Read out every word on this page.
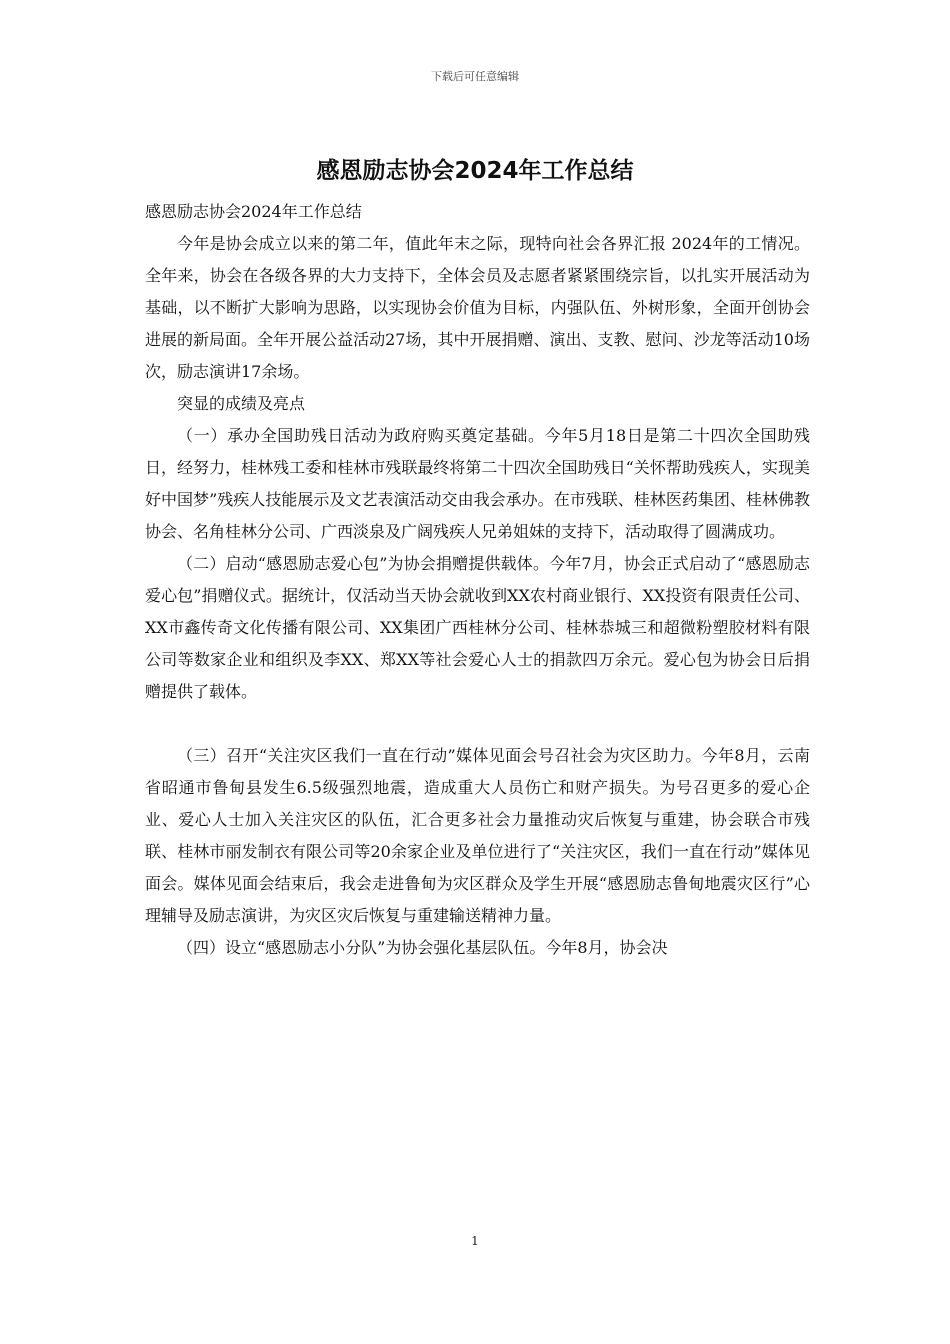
下载后可任意编辑
感恩励志协会2024年工作总结

感恩励志协会2024年工作总结

今年是协会成立以来的第二年，值此年末之际，现特向社会各界汇报 2024年的工情况。全年来，协会在各级各界的大力支持下，全体会员及志愿者紧紧围绕宗旨，以扎实开展活动为基础，以不断扩大影响为思路，以实现协会价值为目标，内强队伍、外树形象，全面开创协会进展的新局面。全年开展公益活动27场，其中开展捐赠、演出、支教、慰问、沙龙等活动10场次，励志演讲17余场。

突显的成绩及亮点

（一）承办全国助残日活动为政府购买奠定基础。今年5月18日是第二十四次全国助残日，经努力，桂林残工委和桂林市残联最终将第二十四次全国助残日“关怀帮助残疾人，实现美好中国梦”残疾人技能展示及文艺表演活动交由我会承办。在市残联、桂林医药集团、桂林佛教协会、名角桂林分公司、广西淡泉及广阔残疾人兄弟姐妹的支持下，活动取得了圆满成功。

（二）启动“感恩励志爱心包”为协会捐赠提供载体。今年7月，协会正式启动了“感恩励志爱心包”捐赠仪式。据统计，仅活动当天协会就收到XX农村商业银行、XX投资有限责任公司、XX市鑫传奇文化传播有限公司、XX集团广西桂林分公司、桂林恭城三和超微粉塑胶材料有限公司等数家企业和组织及李XX、郑XX等社会爱心人士的捐款四万余元。爱心包为协会日后捐赠提供了载体。

（三）召开“关注灾区我们一直在行动”媒体见面会号召社会为灾区助力。今年8月，云南省昭通市鲁甸县发生6.5级强烈地震，造成重大人员伤亡和财产损失。为号召更多的爱心企业、爱心人士加入关注灾区的队伍，汇合更多社会力量推动灾后恢复与重建，协会联合市残联、桂林市丽发制衣有限公司等20余家企业及单位进行了“关注灾区，我们一直在行动”媒体见面会。媒体见面会结束后，我会走进鲁甸为灾区群众及学生开展“感恩励志鲁甸地震灾区行”心理辅导及励志演讲，为灾区灾后恢复与重建输送精神力量。

（四）设立“感恩励志小分队”为协会强化基层队伍。今年8月，协会决

1
